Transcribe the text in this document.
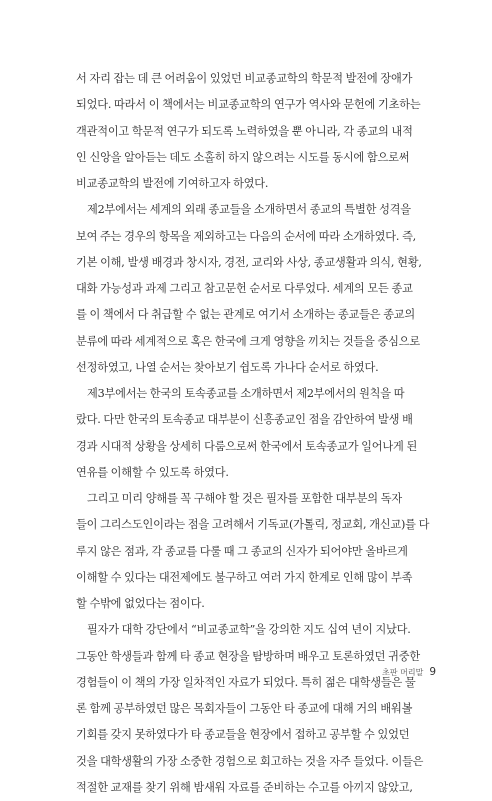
서 자리 잡는 데 큰 어려움이 있었던 비교종교학의 학문적 발전에 장애가
되었다. 따라서 이 책에서는 비교종교학의 연구가 역사와 문헌에 기초하는
객관적이고 학문적 연구가 되도록 노력하였을 뿐 아니라, 각 종교의 내적
인 신앙을 알아듣는 데도 소홀히 하지 않으려는 시도를 동시에 함으로써
비교종교학의 발전에 기여하고자 하였다.

　제2부에서는 세계의 외래 종교들을 소개하면서 종교의 특별한 성격을
보여 주는 경우의 항목을 제외하고는 다음의 순서에 따라 소개하였다. 즉,
기본 이해, 발생 배경과 창시자, 경전, 교리와 사상, 종교생활과 의식, 현황,
대화 가능성과 과제 그리고 참고문헌 순서로 다루었다. 세계의 모든 종교
를 이 책에서 다 취급할 수 없는 관계로 여기서 소개하는 종교들은 종교의
분류에 따라 세계적으로 혹은 한국에 크게 영향을 끼치는 것들을 중심으로
선정하였고, 나열 순서는 찾아보기 쉽도록 가나다 순서로 하였다.

　제3부에서는 한국의 토속종교를 소개하면서 제2부에서의 원칙을 따
랐다. 다만 한국의 토속종교 대부분이 신흥종교인 점을 감안하여 발생 배
경과 시대적 상황을 상세히 다룸으로써 한국에서 토속종교가 일어나게 된
연유를 이해할 수 있도록 하였다.

　그리고 미리 양해를 꼭 구해야 할 것은 필자를 포함한 대부분의 독자
들이 그리스도인이라는 점을 고려해서 기독교(가톨릭, 정교회, 개신교)를 다
루지 않은 점과, 각 종교를 다룰 때 그 종교의 신자가 되어야만 올바르게
이해할 수 있다는 대전제에도 불구하고 여러 가지 한계로 인해 많이 부족
할 수밖에 없었다는 점이다.

　필자가 대학 강단에서 “비교종교학”을 강의한 지도 십여 년이 지났다.
그동안 학생들과 함께 타 종교 현장을 탐방하며 배우고 토론하였던 귀중한
경험들이 이 책의 가장 일차적인 자료가 되었다. 특히 젊은 대학생들은 물
론 함께 공부하였던 많은 목회자들이 그동안 타 종교에 대해 거의 배워볼
기회를 갖지 못하였다가 타 종교들을 현장에서 접하고 공부할 수 있었던
것을 대학생활의 가장 소중한 경험으로 회고하는 것을 자주 들었다. 이들은
적절한 교재를 찾기 위해 밤새워 자료를 준비하는 수고를 아끼지 않았고,

초판 머리말 9
